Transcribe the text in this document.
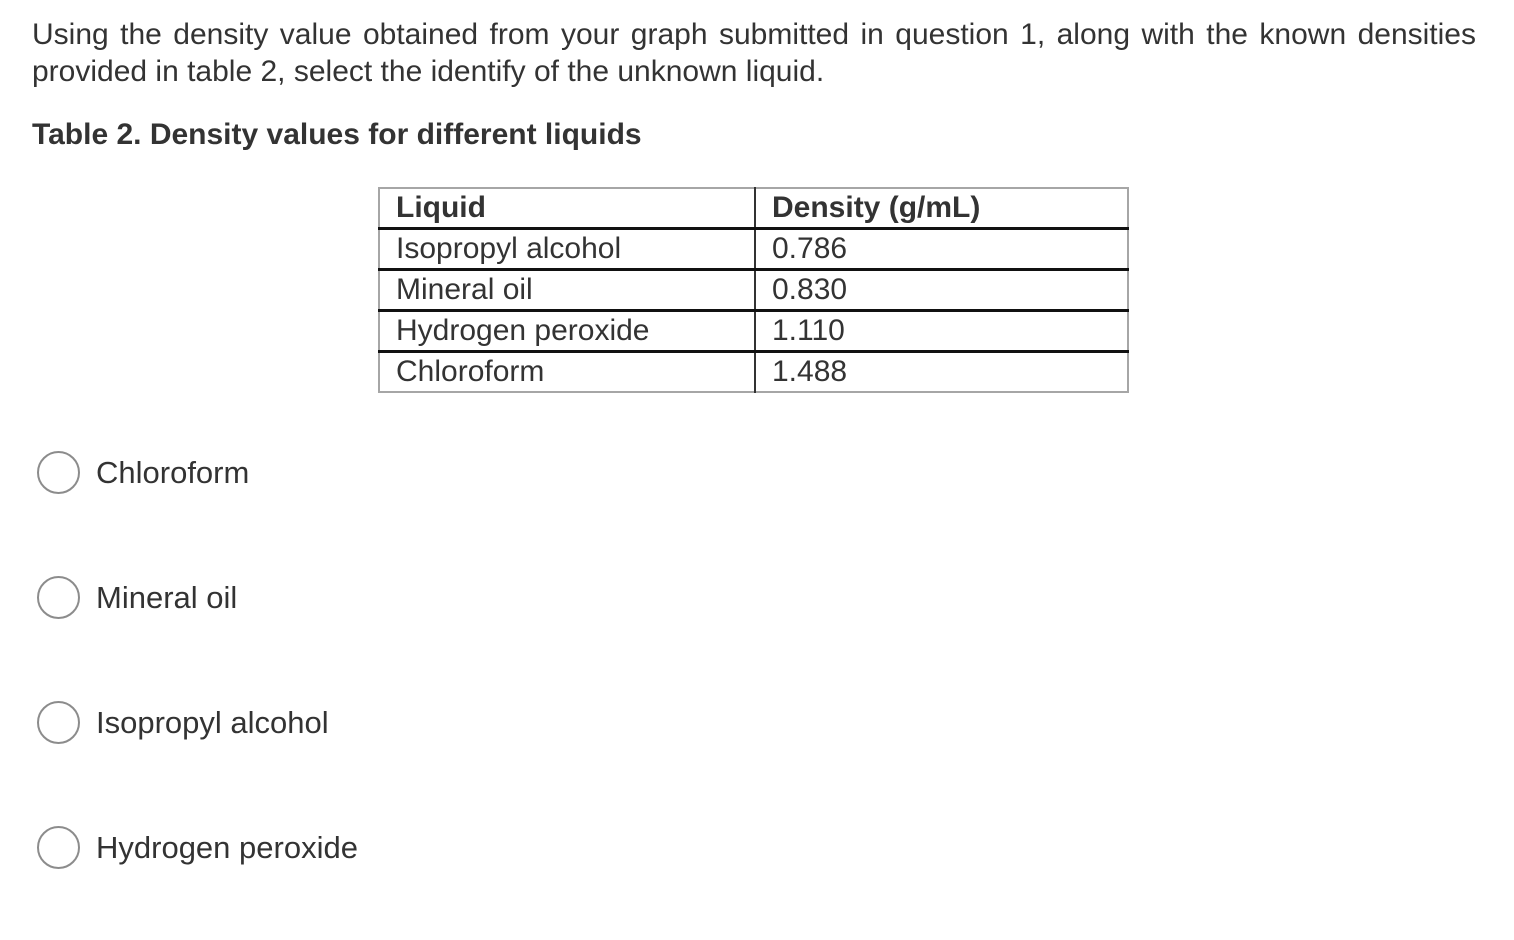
Using the density value obtained from your graph submitted in question 1, along with the known densities provided in table 2, select the identify of the unknown liquid.

Table 2. Density values for different liquids

Liquid	Density (g/mL)
Isopropyl alcohol	0.786
Mineral oil	0.830
Hydrogen peroxide	1.110
Chloroform	1.488
Chloroform
Mineral oil
Isopropyl alcohol
Hydrogen peroxide
